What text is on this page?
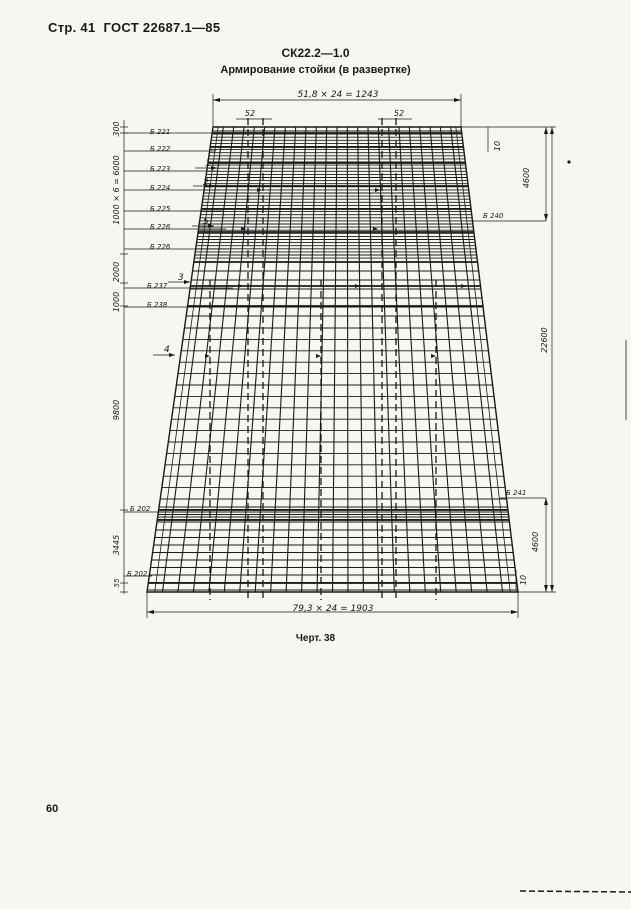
Стр. 41 ГОСТ 22687.1—85
СК22.2—1.0
Армирование стойки (в развертке)
51,8 × 24 = 1243
79,3 × 24 = 1903
52	52
300
1000 × 6 = 6000
2000
1000
9800
3445
55
10
4600
22600
4600
10
Б 221
Б 222
Б 223
Б 224
Б 225
Б 226
Б 226
Б 237
Б 238
Б 202
Б 202
Б 240
Б 241
1
2
5
3
4
Черт. 38
60
